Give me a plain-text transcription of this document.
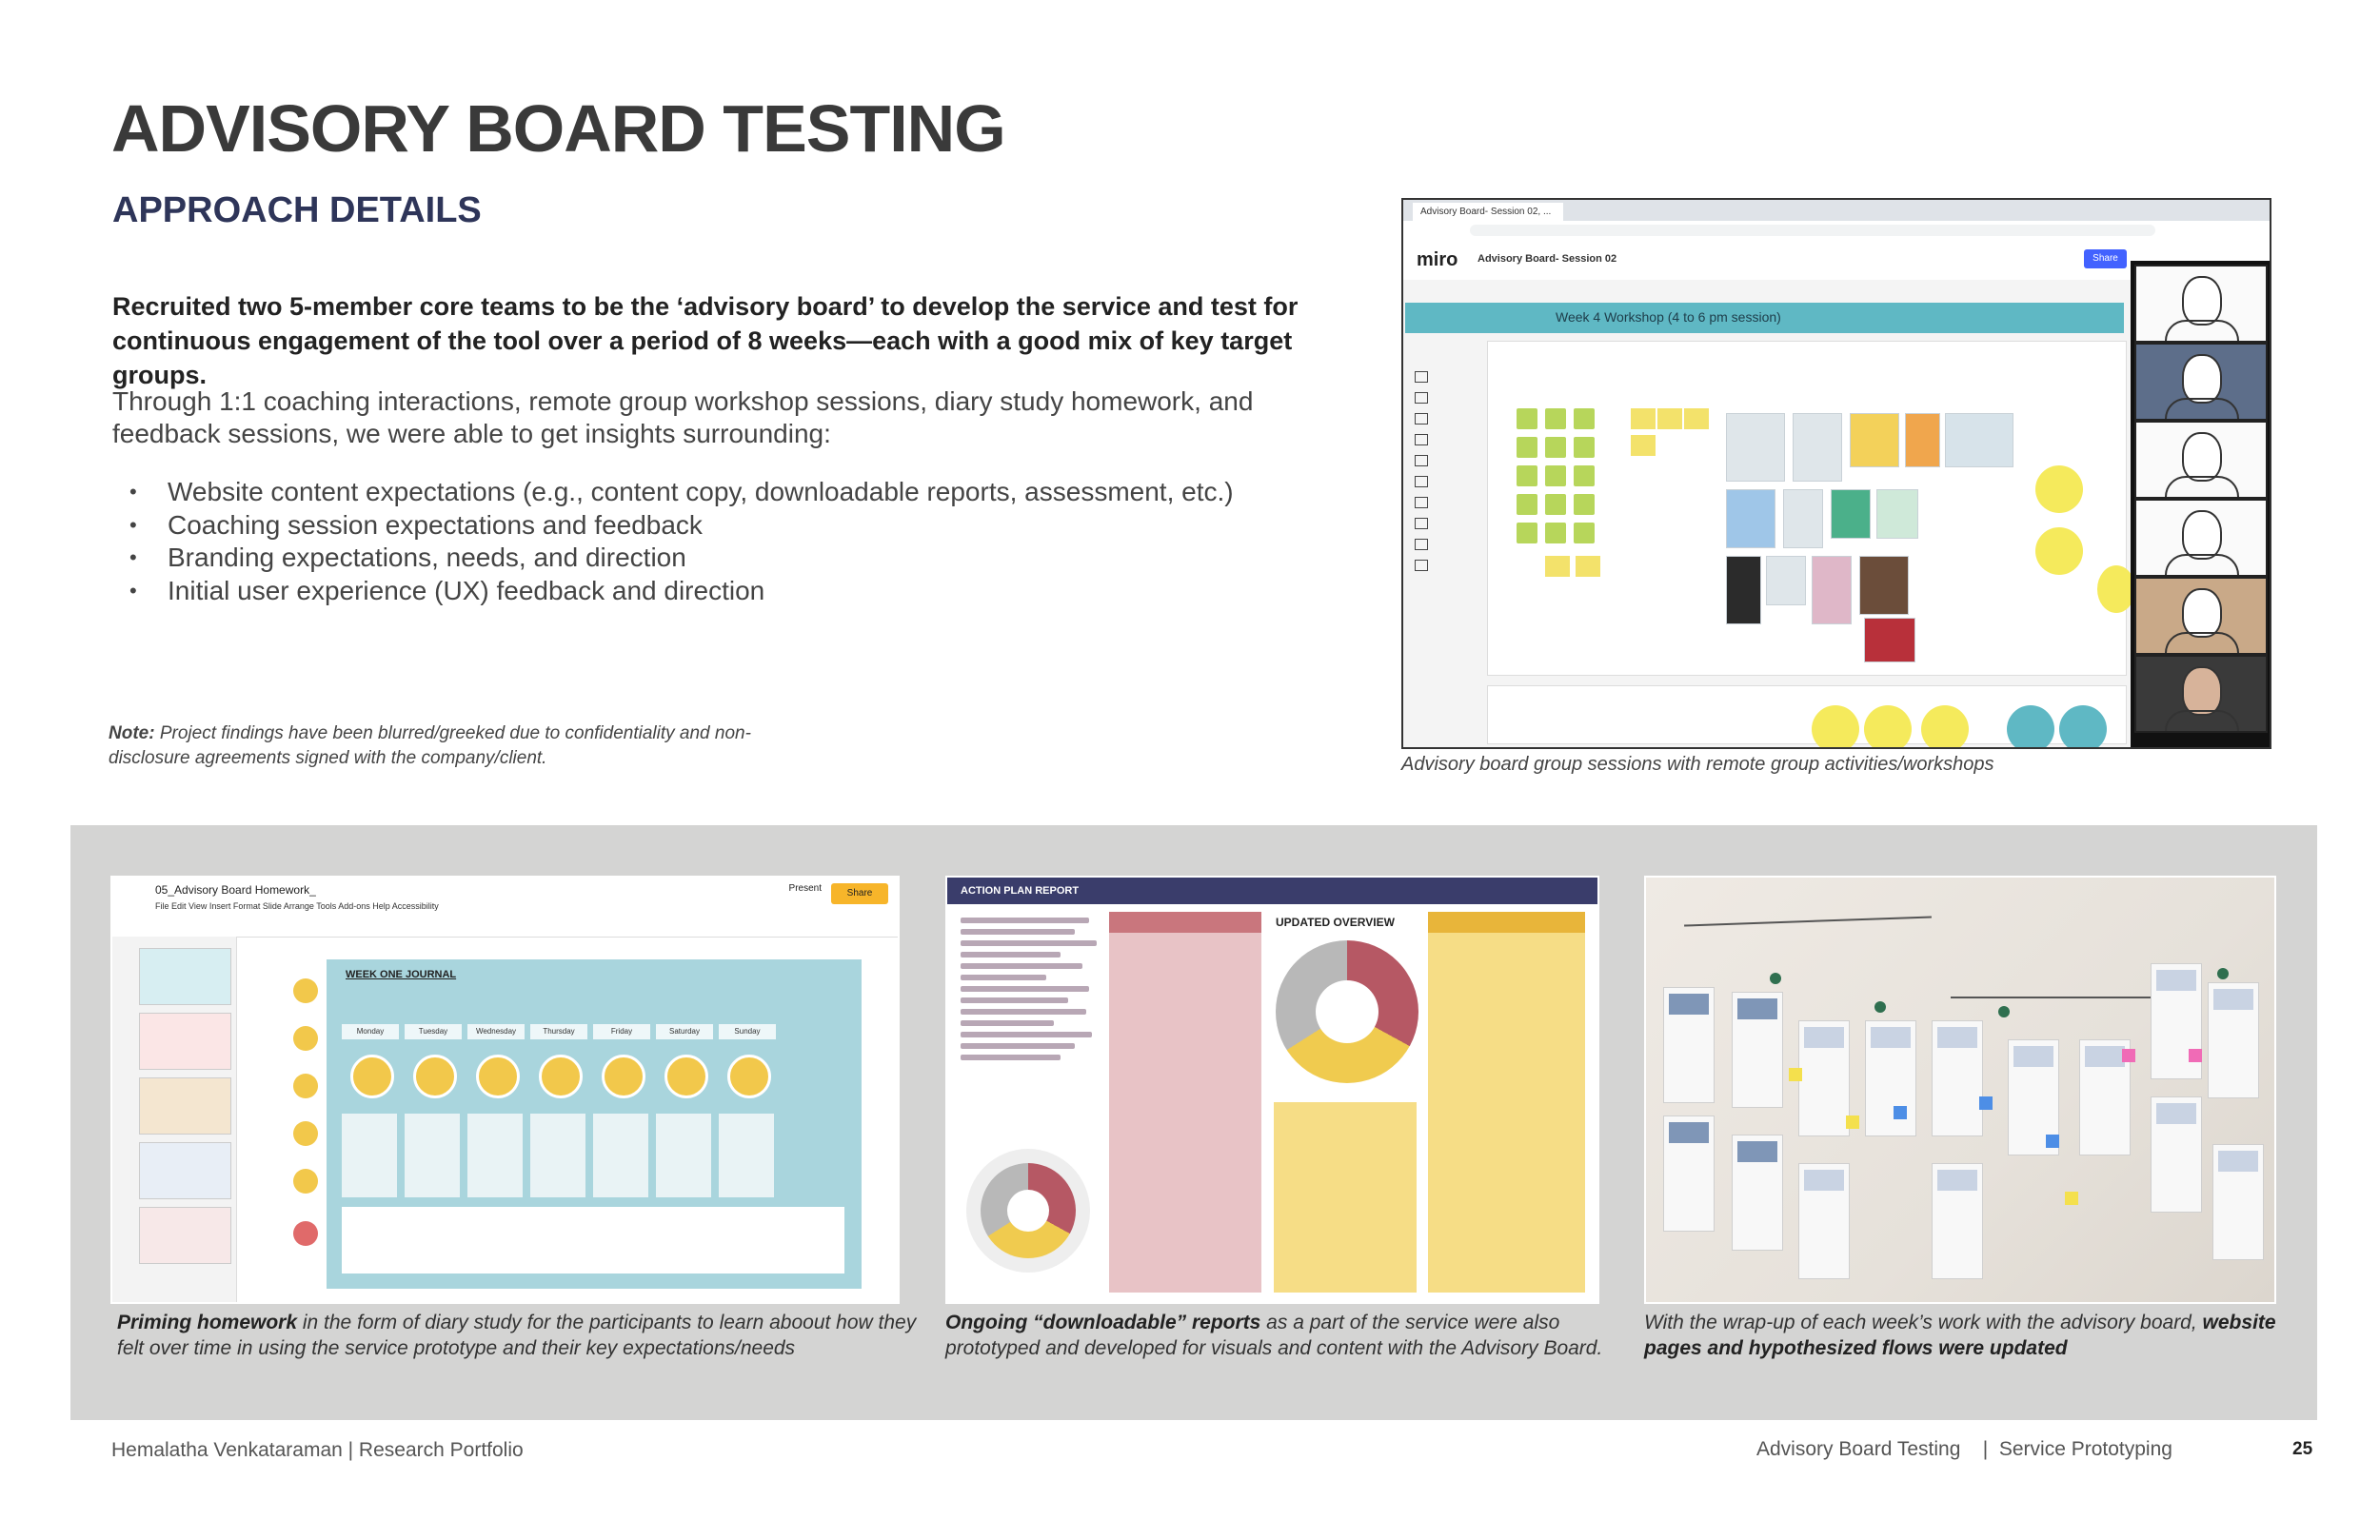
ADVISORY BOARD TESTING
APPROACH DETAILS
Recruited two 5-member core teams to be the ‘advisory board’ to develop the service and test for continuous engagement of the tool over a period of 8 weeks—each with a good mix of key target groups.
Through 1:1 coaching interactions, remote group workshop sessions, diary study homework, and feedback sessions, we were able to get insights surrounding:
• Website content expectations (e.g., content copy, downloadable reports, assessment, etc.)
• Coaching session expectations and feedback
• Branding expectations, needs, and direction
• Initial user experience (UX) feedback and direction
Note: Project findings have been blurred/greeked due to confidentiality and non-disclosure agreements signed with the company/client.
Advisory Board- Session 02, ...
miro Advisory Board- Session 02	Share
Week 4 Workshop (4 to 6 pm session)
Advisory board group sessions with remote group activities/workshops
05_Advisory Board Homework_
File Edit View Insert Format Slide Arrange Tools Add-ons Help Accessibility
Present	Share
WEEK ONE JOURNAL
Monday	Tuesday	Wednesday	Thursday	Friday	Saturday	Sunday
ACTION PLAN REPORT
UPDATED OVERVIEW
Priming homework in the form of diary study for the participants to learn aboout how they felt over time in using the service prototype and their key expectations/needs
Ongoing “downloadable” reports as a part of the service were also prototyped and developed for visuals and content with the Advisory Board.
With the wrap-up of each week’s work with the advisory board, website pages and hypothesized flows were updated
Hemalatha Venkataraman | Research Portfolio	Advisory Board Testing    |  Service Prototyping	25
